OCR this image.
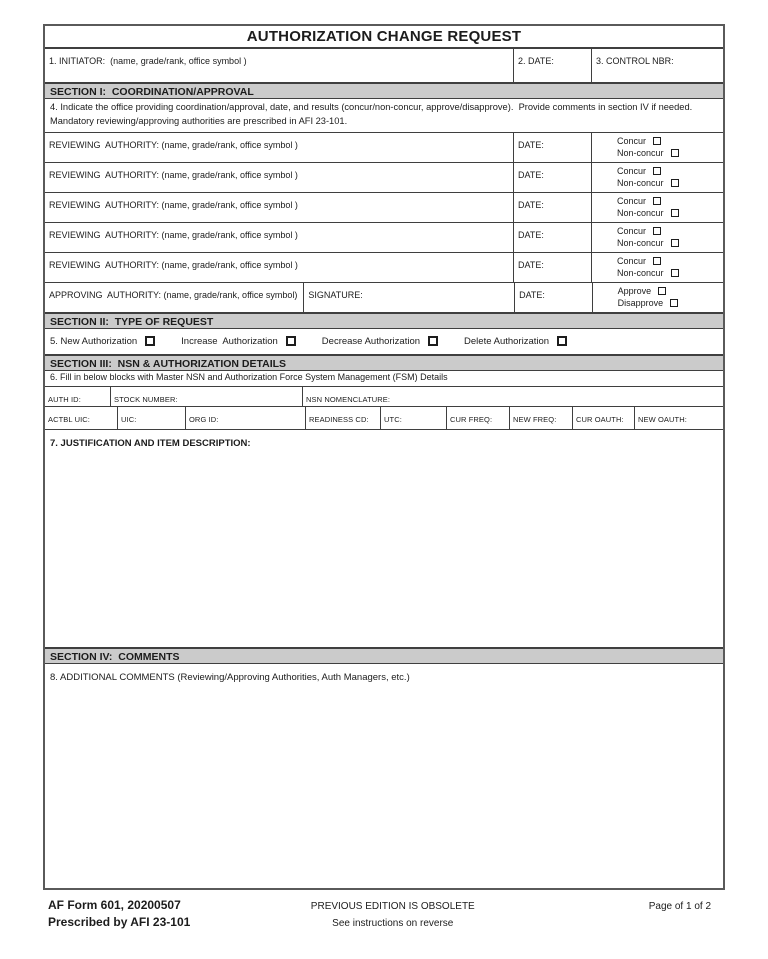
AUTHORIZATION CHANGE REQUEST
1. INITIATOR:  (name, grade/rank, office symbol )	2. DATE:	3. CONTROL NBR:
SECTION I:  COORDINATION/APPROVAL
4. Indicate the office providing coordination/approval, date, and results (concur/non-concur, approve/disapprove).  Provide comments in section IV if needed. Mandatory reviewing/approving authorities are prescribed in AFI 23-101.
REVIEWING  AUTHORITY: (name, grade/rank, office symbol )	DATE:	Concur
Non-concur
REVIEWING  AUTHORITY: (name, grade/rank, office symbol )	DATE:	Concur
Non-concur
REVIEWING  AUTHORITY: (name, grade/rank, office symbol )	DATE:	Concur
Non-concur
REVIEWING  AUTHORITY: (name, grade/rank, office symbol )	DATE:	Concur
Non-concur
REVIEWING  AUTHORITY: (name, grade/rank, office symbol )	DATE:	Concur
Non-concur
APPROVING  AUTHORITY: (name, grade/rank, office symbol)	SIGNATURE:	DATE:	Approve
Disapprove
SECTION II:  TYPE OF REQUEST
5. New Authorization	Increase  Authorization	Decrease Authorization	Delete Authorization
SECTION III:  NSN & AUTHORIZATION DETAILS
6. Fill in below blocks with Master NSN and Authorization Force System Management (FSM) Details
AUTH ID:	STOCK NUMBER:	NSN NOMENCLATURE:
ACTBL UIC:	UIC:	ORG ID:	READINESS CD:	UTC:	CUR FREQ:	NEW FREQ:	CUR OAUTH:	NEW OAUTH:
7. JUSTIFICATION AND ITEM DESCRIPTION:
SECTION IV:  COMMENTS
8. ADDITIONAL COMMENTS (Reviewing/Approving Authorities, Auth Managers, etc.)
AF Form 601, 20200507	PREVIOUS EDITION IS OBSOLETE	Page of 1 of 2
Prescribed by AFI 23-101	See instructions on reverse
